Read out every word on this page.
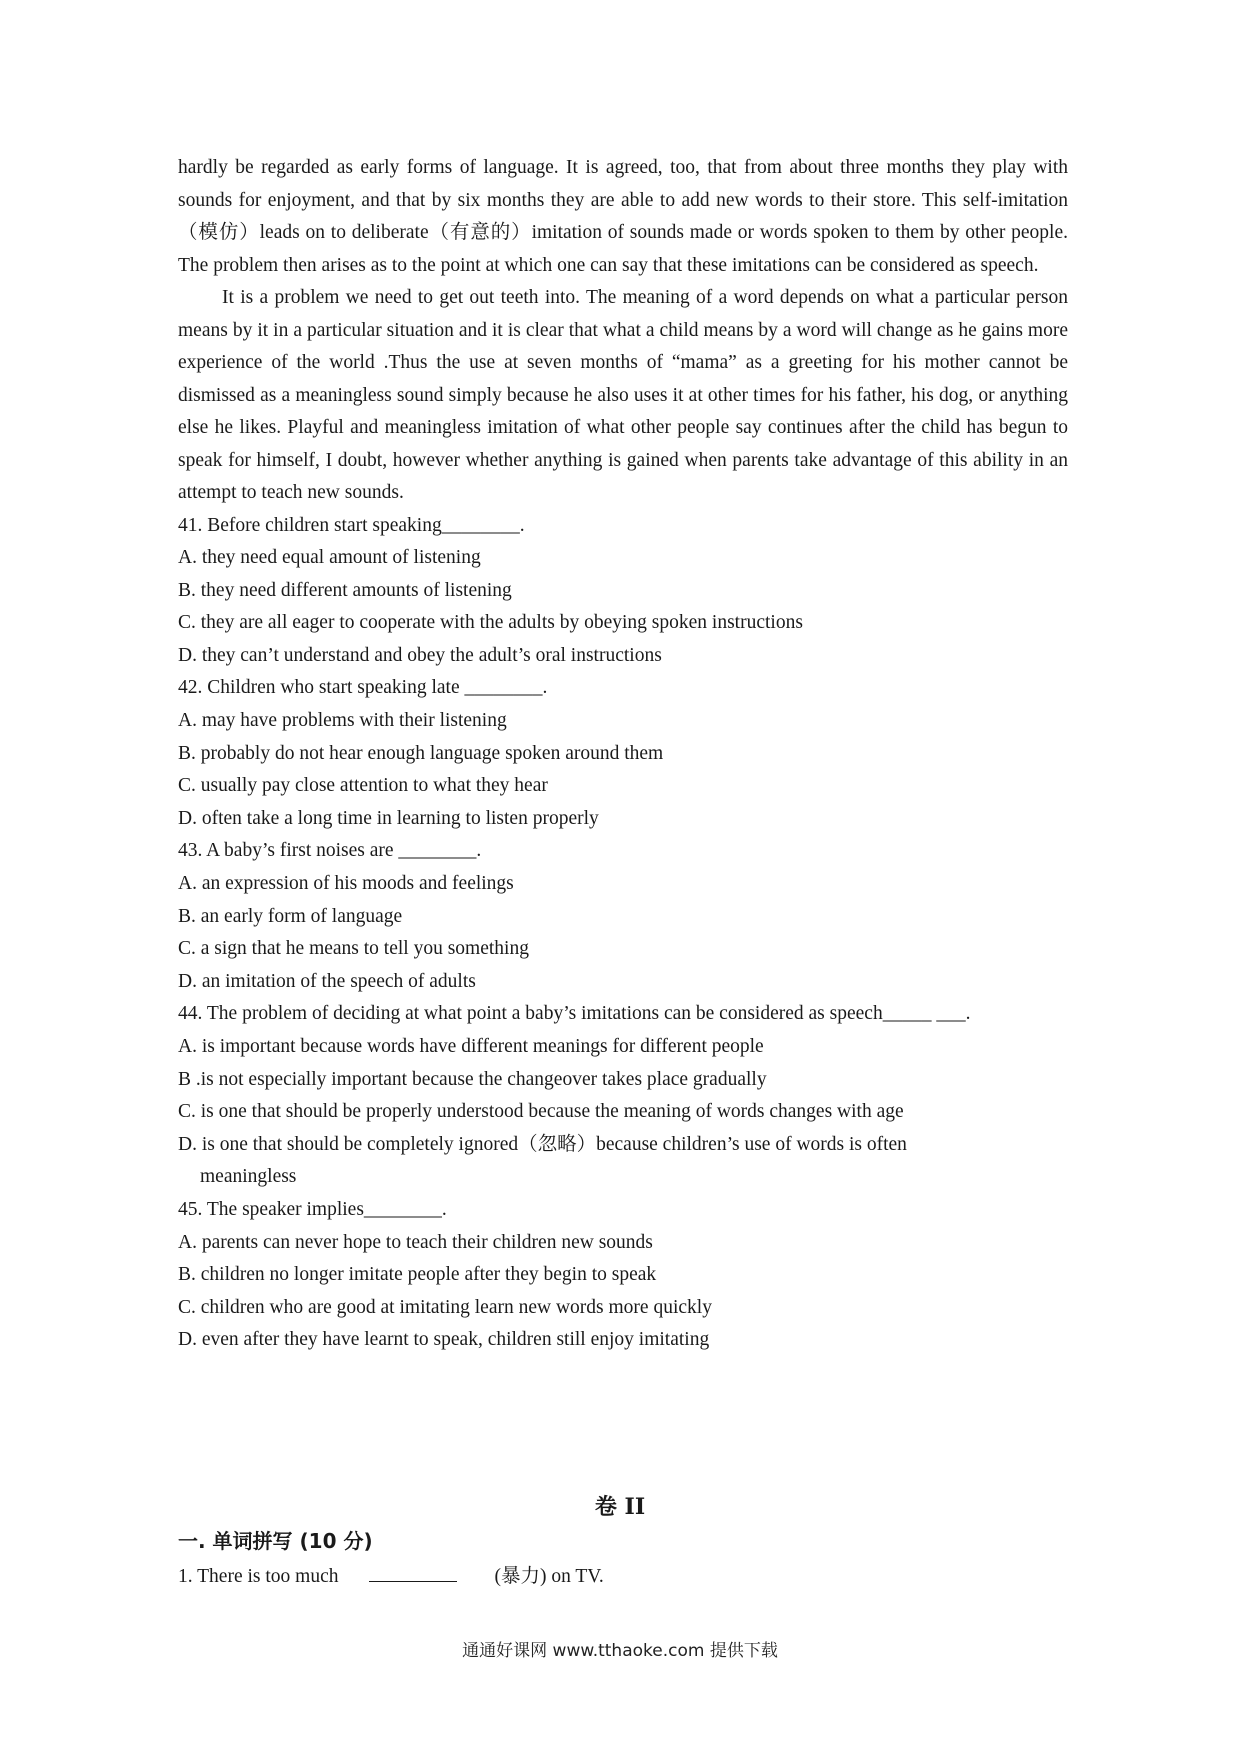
hardly be regarded as early forms of language. It is agreed, too, that from about three months they play with sounds for enjoyment, and that by six months they are able to add new words to their store. This self-imitation（模仿）leads on to deliberate（有意的）imitation of sounds made or words spoken to them by other people. The problem then arises as to the point at which one can say that these imitations can be considered as speech.

It is a problem we need to get out teeth into. The meaning of a word depends on what a particular person means by it in a particular situation and it is clear that what a child means by a word will change as he gains more experience of the world .Thus the use at seven months of “mama” as a greeting for his mother cannot be dismissed as a meaningless sound simply because he also uses it at other times for his father, his dog, or anything else he likes. Playful and meaningless imitation of what other people say continues after the child has begun to speak for himself, I doubt, however whether anything is gained when parents take advantage of this ability in an attempt to teach new sounds.

41. Before children start speaking________.

A. they need equal amount of listening

B. they need different amounts of listening

C. they are all eager to cooperate with the adults by obeying spoken instructions

D. they can’t understand and obey the adult’s oral instructions

42. Children who start speaking late ________.

A. may have problems with their listening

B. probably do not hear enough language spoken around them

C. usually pay close attention to what they hear

D. often take a long time in learning to listen properly

43. A baby’s first noises are ________.

A. an expression of his moods and feelings

B. an early form of language

C. a sign that he means to tell you something

D. an imitation of the speech of adults

44. The problem of deciding at what point a baby’s imitations can be considered as speech_____ ___.

A. is important because words have different meanings for different people

B .is not especially important because the changeover takes place gradually

C. is one that should be properly understood because the meaning of words changes with age

D. is one that should be completely ignored（忽略）because children’s use of words is often

meaningless

45. The speaker implies________.

A. parents can never hope to teach their children new sounds

B. children no longer imitate people after they begin to speak

C. children who are good at imitating learn new words more quickly

D. even after they have learnt to speak, children still enjoy imitating

卷 II
一. 单词拼写 (10 分)
1. There is too much	(暴力) on TV.
通通好课网 www.tthaoke.com 提供下载
